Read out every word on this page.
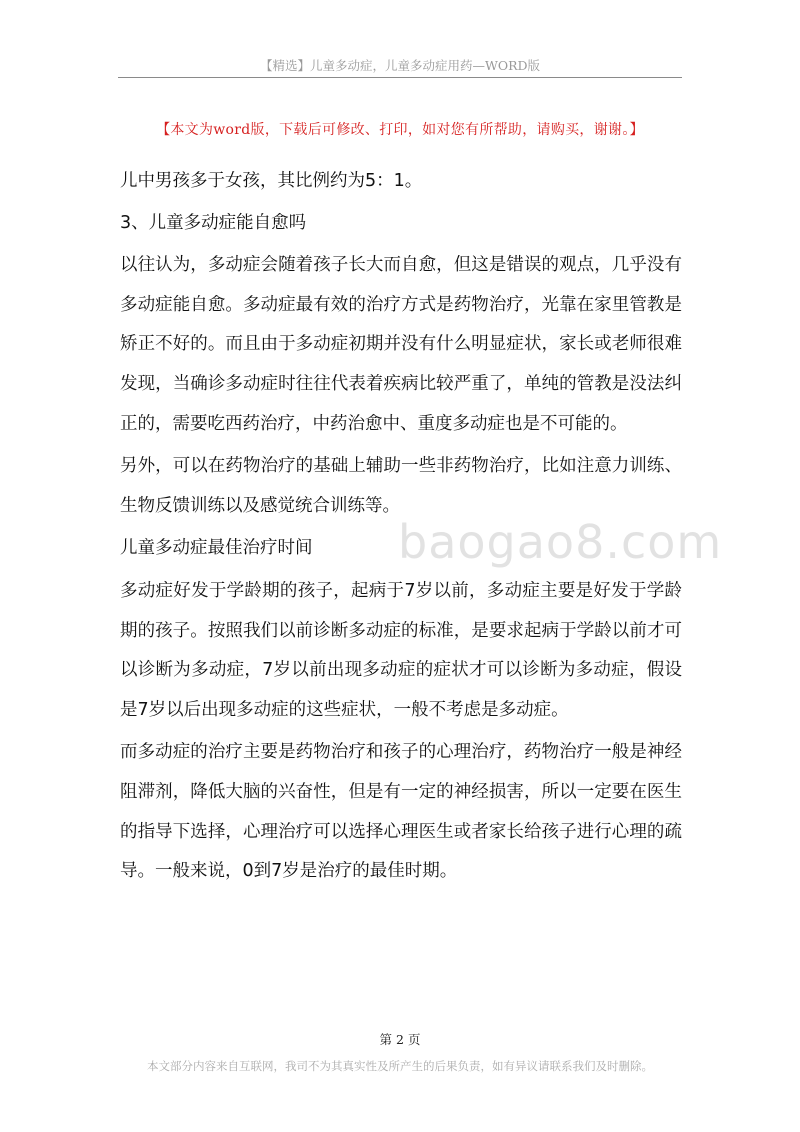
【精选】儿童多动症，儿童多动症用药—WORD版
【本文为word版，下载后可修改、打印，如对您有所帮助，请购买，谢谢。】

儿中男孩多于女孩，其比例约为5：1。

3、儿童多动症能自愈吗

以往认为，多动症会随着孩子长大而自愈，但这是错误的观点，几乎没有多动症能自愈。多动症最有效的治疗方式是药物治疗，光靠在家里管教是矫正不好的。而且由于多动症初期并没有什么明显症状，家长或老师很难发现，当确诊多动症时往往代表着疾病比较严重了，单纯的管教是没法纠正的，需要吃西药治疗，中药治愈中、重度多动症也是不可能的。

另外，可以在药物治疗的基础上辅助一些非药物治疗，比如注意力训练、生物反馈训练以及感觉统合训练等。

儿童多动症最佳治疗时间

多动症好发于学龄期的孩子，起病于7岁以前，多动症主要是好发于学龄期的孩子。按照我们以前诊断多动症的标准，是要求起病于学龄以前才可以诊断为多动症，7岁以前出现多动症的症状才可以诊断为多动症，假设是7岁以后出现多动症的这些症状，一般不考虑是多动症。

而多动症的治疗主要是药物治疗和孩子的心理治疗，药物治疗一般是神经阻滞剂，降低大脑的兴奋性，但是有一定的神经损害，所以一定要在医生的指导下选择，心理治疗可以选择心理医生或者家长给孩子进行心理的疏导。一般来说，0到7岁是治疗的最佳时期。

baogao8.com
第 2 页
本文部分内容来自互联网，我司不为其真实性及所产生的后果负责，如有异议请联系我们及时删除。
